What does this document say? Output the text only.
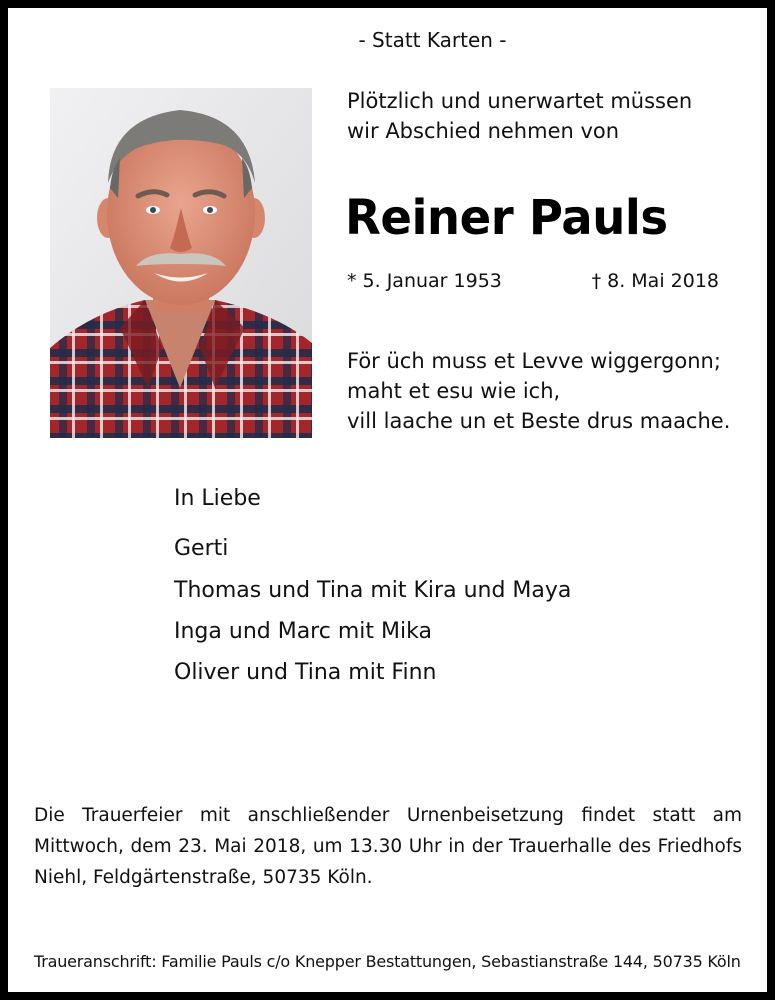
- Statt Karten -
Plötzlich und unerwartet müssen
wir Abschied nehmen von
Reiner Pauls
* 5. Januar 1953	† 8. Mai 2018
För üch muss et Levve wiggergonn;
maht et esu wie ich,
vill laache un et Beste drus maache.
In Liebe
Gerti
Thomas und Tina mit Kira und Maya
Inga und Marc mit Mika
Oliver und Tina mit Finn
Die Trauerfeier mit anschließender Urnenbeisetzung findet statt am Mittwoch, dem 23. Mai 2018, um 13.30 Uhr in der Trauerhalle des Friedhofs Niehl, Feldgärtenstraße, 50735 Köln.
Traueranschrift: Familie Pauls c/o Knepper Bestattungen, Sebastianstraße 144, 50735 Köln
